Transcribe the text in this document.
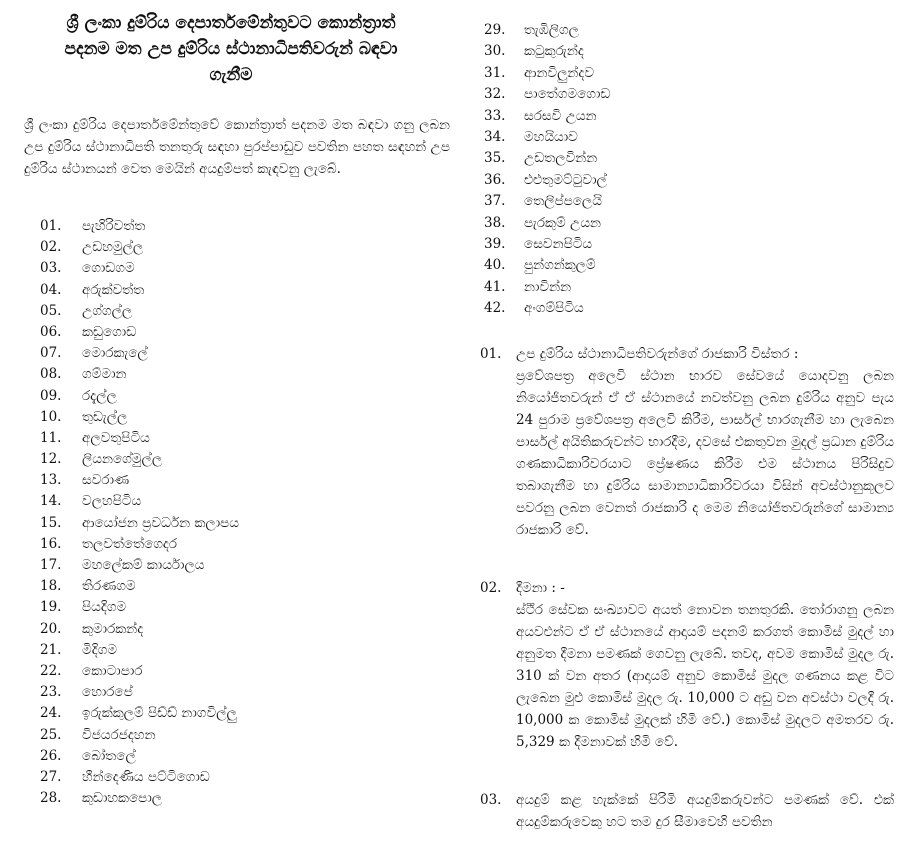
ශ්‍රී ලංකා දුම්රිය දෙපාර්තමේන්තුවට කොන්ත්‍රාත්
පදනම මත උප දුම්රිය ස්ථානාධිපතිවරුන් බඳවා
ගැනීම

ශ්‍රී ලංකා දුම්රිය දෙපාර්තමේන්තුවේ කොන්ත්‍රාත් පදනම මත බඳවා ගනු ලබන උප දුම්රිය ස්ථානාධිපති තනතුරු සඳහා පුරප්පාඩුව පවතින පහත සඳහන් උප දුම්රිය ස්ථානයන් වෙත මෙයින් අයදුම්පත් කැඳවනු ලැබේ.

01. පැහිරිවත්ත
02. උඩහමුල්ල
03. ගොඩගම
04. අරුක්වත්ත
05. උග්ගල්ල
06. කඩුගොඩ
07. මොරකැලේ
08. ගම්මාන
09. රදැල්ල
10. තුඩැල්ල
11. අලවතුපිටිය
12. ලියනගේමුල්ල
13. සවරාණ
14. වලහපිටිය
15. ආයෝජන ප්‍රවර්ධන කලාපය
16. තලවත්තේගෙදර
17. මහලේකම් කාර්යාලය
18. තිරණගම
19. පියදිගම
20. කුමාරකන්ද
21. මිදිගම
22. කොටාපාර
23. හොරපේ
24. ඉරුක්කුලම් පිඩ්ඩ් නාගවිල්ලු
25. විජයරජදහන
26. බෝතලේ
27. හීන්දෙණිය පට්ටිගොඩ
28. කුඩාහකපොල
29. තැඹිලිගල
30. කටුකුරුන්ද
31. ආනවිලුන්දව
32. පාතේගමගොඩ
33. සරසවි උයන
34. මහයියාව
35. උඩතලවින්න
36. එළුතුමට්ටුවාල්
37. තෙලිප්පලෙයි
38. පැරකුම් උයන
39. සෙවනපිටිය
40. පුන්ගන්කුලම්
41. නාවින්න
42. අංගම්පිටිය
01. උප දුම්රිය ස්ථානාධිපතිවරුන්ගේ රාජකාරි විස්තර :
ප්‍රවේශපත්‍ර අලෙවි ස්ථාන භාරව සේවයේ යොදවනු ලබන නියෝජිතවරුන් ඒ ඒ ස්ථානයේ නවත්වනු ලබන දුම්රිය අනුව පැය 24 පුරාම ප්‍රවේශපත්‍ර අලෙවි කිරීම, පාර්සල් භාරගැනීම හා ලැබෙන පාර්සල් අයිතිකරුවන්ට භාරදීම, දවසේ එකතුවන මුදල් ප්‍රධාන දුම්රිය ගණකාධිකාරිවරයාට ප්‍රේෂණය කිරීම එම ස්ථානය පිරිසිදුව තබාගැනීම හා දුම්රිය සාමාන්‍යාධිකාරිවරයා විසින් අවස්ථානුකූලව පවරනු ලබන වෙනත් රාජකාරි ද මෙම නියෝජිතවරුන්ගේ සාමාන්‍ය රාජකාරි වේ.
02. දීමනා : -
ස්ථිර සේවක සංඛ්‍යාවට අයත් නොවන තනතුරකි. තෝරාගනු ලබන අයවළුන්ට ඒ ඒ ස්ථානයේ ආදායම් පදනම් කරගත් කොමිස් මුදල් හා අනුමත දීමනා පමණක් ගෙවනු ලැබේ. තවද, අවම කොමිස් මුදල රු. 310 ක් වන අතර (ආදායම් අනුව කොමිස් මුදල ගණනය කළ විට ලැබෙන මුළු කොමිස් මුදල රු. 10,000 ට අඩු වන අවස්ථා වලදී රු. 10,000 ක කොමිස් මුදලක් හිමි වේ.) කොමිස් මුදලට අමතරව රු. 5,329 ක දීමනාවක් හිමි වේ.
03. අයදුම් කළ හැක්කේ පිරිමි අයදුම්කරුවන්ට පමණක් වේ. එක් අයදුම්කරුවෙකු හට තම දුර සීමාවෙහි පවතින
